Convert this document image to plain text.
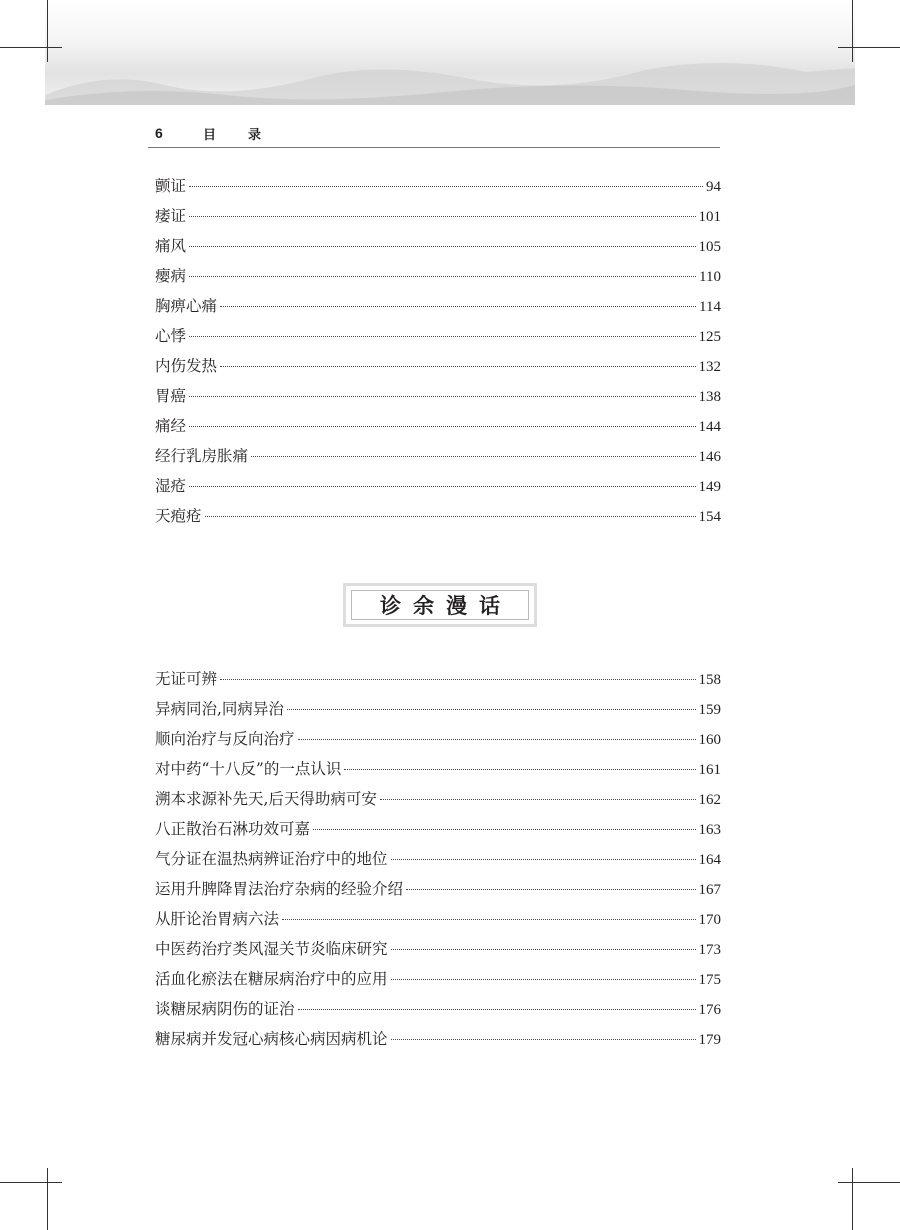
6	目 录
颤证	94
痿证	101
痛风	105
瘿病	110
胸痹心痛	114
心悸	125
内伤发热	132
胃癌	138
痛经	144
经行乳房胀痛	146
湿疮	149
天疱疮	154
诊余漫话
无证可辨	158
异病同治,同病异治	159
顺向治疗与反向治疗	160
对中药“十八反”的一点认识	161
溯本求源补先天,后天得助病可安	162
八正散治石淋功效可嘉	163
气分证在温热病辨证治疗中的地位	164
运用升脾降胃法治疗杂病的经验介绍	167
从肝论治胃病六法	170
中医药治疗类风湿关节炎临床研究	173
活血化瘀法在糖尿病治疗中的应用	175
谈糖尿病阴伤的证治	176
糖尿病并发冠心病核心病因病机论	179
